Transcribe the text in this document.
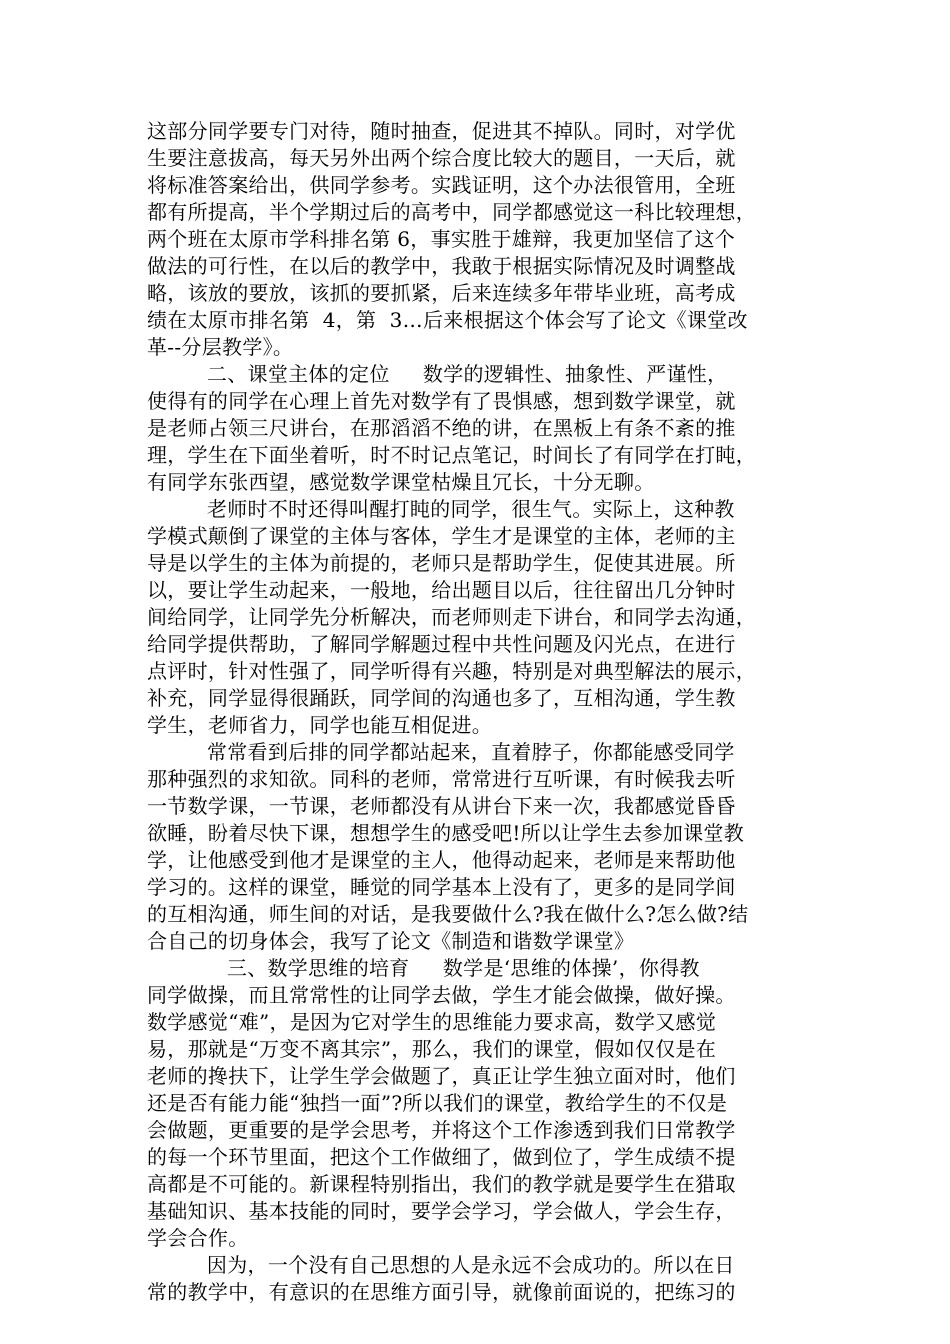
这部分同学要专门对待，随时抽查，促进其不掉队。同时，对学优
生要注意拔高，每天另外出两个综合度比较大的题目，一天后，就
将标准答案给出，供同学参考。实践证明，这个办法很管用，全班
都有所提高，半个学期过后的高考中，同学都感觉这一科比较理想，
两个班在太原市学科排名第 6，事实胜于雄辩，我更加坚信了这个
做法的可行性，在以后的教学中，我敢于根据实际情况及时调整战
略，该放的要放，该抓的要抓紧，后来连续多年带毕业班，高考成
绩在太原市排名第  4，第  3…后来根据这个体会写了论文《课堂改
革--分层教学》。
二、课堂主体的定位     数学的逻辑性、抽象性、严谨性，
使得有的同学在心理上首先对数学有了畏惧感，想到数学课堂，就
是老师占领三尺讲台，在那滔滔不绝的讲，在黑板上有条不紊的推
理，学生在下面坐着听，时不时记点笔记，时间长了有同学在打盹，
有同学东张西望，感觉数学课堂枯燥且冗长，十分无聊。
老师时不时还得叫醒打盹的同学，很生气。实际上，这种教
学模式颠倒了课堂的主体与客体，学生才是课堂的主体，老师的主
导是以学生的主体为前提的，老师只是帮助学生，促使其进展。所
以，要让学生动起来，一般地，给出题目以后，往往留出几分钟时
间给同学，让同学先分析解决，而老师则走下讲台，和同学去沟通，
给同学提供帮助，了解同学解题过程中共性问题及闪光点，在进行
点评时，针对性强了，同学听得有兴趣，特别是对典型解法的展示，
补充，同学显得很踊跃，同学间的沟通也多了，互相沟通，学生教
学生，老师省力，同学也能互相促进。
常常看到后排的同学都站起来，直着脖子，你都能感受同学
那种强烈的求知欲。同科的老师，常常进行互听课，有时候我去听
一节数学课，一节课，老师都没有从讲台下来一次，我都感觉昏昏
欲睡，盼着尽快下课，想想学生的感受吧!所以让学生去参加课堂教
学，让他感受到他才是课堂的主人，他得动起来，老师是来帮助他
学习的。这样的课堂，睡觉的同学基本上没有了，更多的是同学间
的互相沟通，师生间的对话，是我要做什么?我在做什么?怎么做?结
合自己的切身体会，我写了论文《制造和谐数学课堂》
三、数学思维的培育     数学是‘思维的体操’，你得教
同学做操，而且常常性的让同学去做，学生才能会做操，做好操。
数学感觉“难”，是因为它对学生的思维能力要求高，数学又感觉
易，那就是“万变不离其宗”，那么，我们的课堂，假如仅仅是在
老师的搀扶下，让学生学会做题了，真正让学生独立面对时，他们
还是否有能力能“独挡一面”?所以我们的课堂，教给学生的不仅是
会做题，更重要的是学会思考，并将这个工作渗透到我们日常教学
的每一个环节里面，把这个工作做细了，做到位了，学生成绩不提
高都是不可能的。新课程特别指出，我们的教学就是要学生在猎取
基础知识、基本技能的同时，要学会学习，学会做人，学会生存，
学会合作。
因为，一个没有自己思想的人是永远不会成功的。所以在日
常的教学中，有意识的在思维方面引导，就像前面说的，把练习的
